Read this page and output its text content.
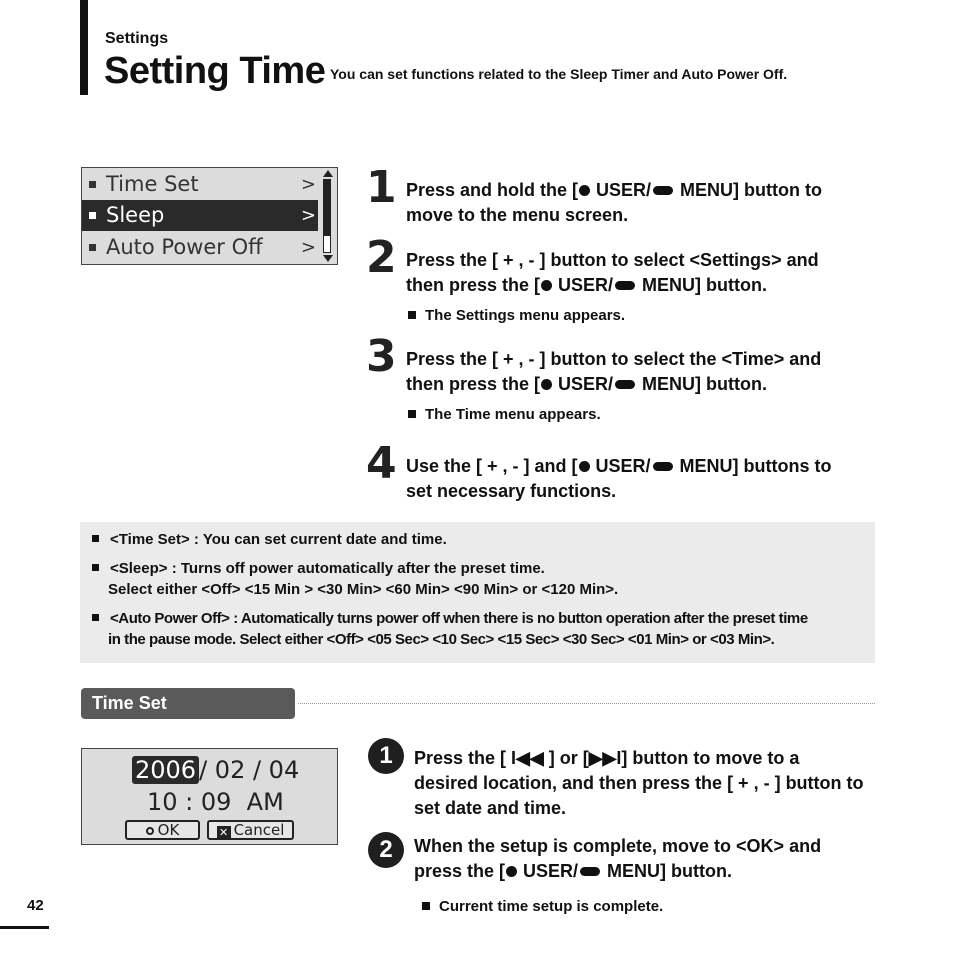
Settings
Setting Time You can set functions related to the Sleep Timer and Auto Power Off.
Time Set	>
Sleep	>
Auto Power Off >
1 Press and hold the [ USER/ MENU] button to move to the menu screen.
2 Press the [ + , - ] button to select <Settings> and then press the [ USER/ MENU] button.
The Settings menu appears.
3 Press the [ + , - ] button to select the <Time> and then press the [ USER/ MENU] button.
The Time menu appears.
4 Use the [ + , - ] and [ USER/ MENU] buttons to set necessary functions.
<Time Set> : You can set current date and time.
<Sleep> : Turns off power automatically after the preset time.
Select either <Off> <15 Min > <30 Min> <60 Min> <90 Min> or <120 Min>.
<Auto Power Off> : Automatically turns power off when there is no button operation after the preset time
in the pause mode. Select either <Off> <05 Sec> <10 Sec> <15 Sec> <30 Sec> <01 Min> or <03 Min>.
Time Set
2006 / 02 / 04
10 : 09  AM
OK	✕ Cancel
1	Press the [ I◀◀ ] or [▶▶I] button to move to a desired location, and then press the [ + , - ] button to set date and time.
2	When the setup is complete, move to <OK> and press the [ USER/ MENU] button.
Current time setup is complete.
42
